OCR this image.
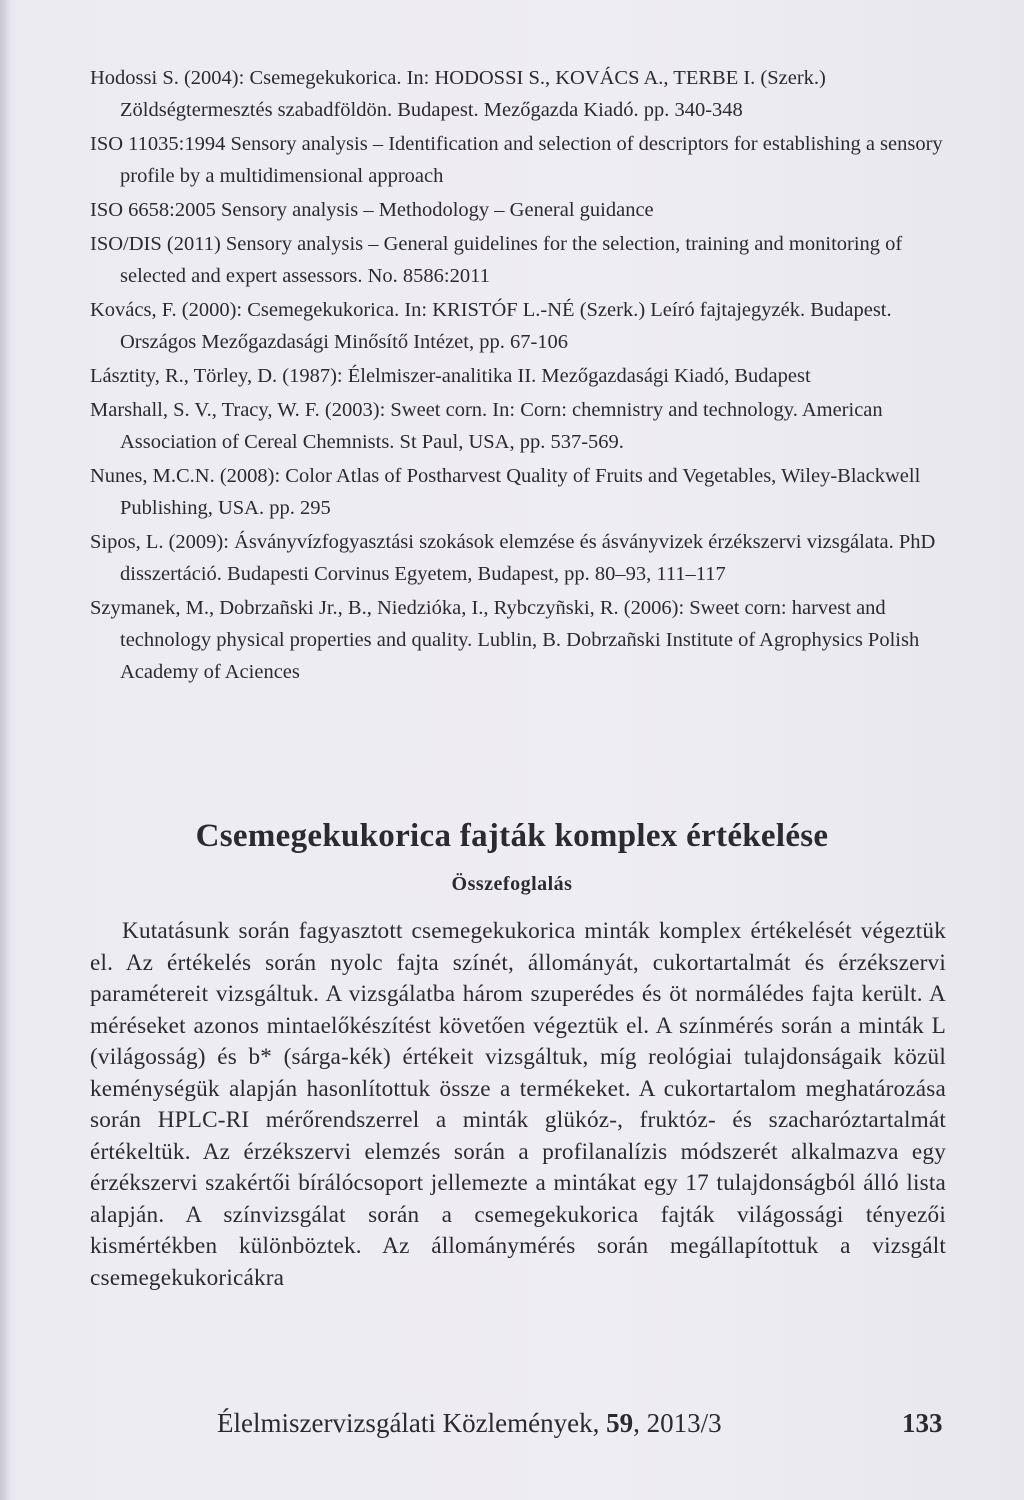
Hodossi S. (2004): Csemegekukorica. In: HODOSSI S., KOVÁCS A., TERBE I. (Szerk.) Zöldségtermesztés szabadföldön. Budapest. Mezőgazda Kiadó. pp. 340-348

ISO 11035:1994 Sensory analysis – Identification and selection of descriptors for establishing a sensory profile by a multidimensional approach

ISO 6658:2005 Sensory analysis – Methodology – General guidance

ISO/DIS (2011) Sensory analysis – General guidelines for the selection, training and monitoring of selected and expert assessors. No. 8586:2011

Kovács, F. (2000): Csemegekukorica. In: KRISTÓF L.-NÉ (Szerk.) Leíró fajtajegyzék. Budapest. Országos Mezőgazdasági Minősítő Intézet, pp. 67-106

Lásztity, R., Törley, D. (1987): Élelmiszer-analitika II. Mezőgazdasági Kiadó, Budapest

Marshall, S. V., Tracy, W. F. (2003): Sweet corn. In: Corn: chemnistry and technology. American Association of Cereal Chemnists. St Paul, USA, pp. 537-569.

Nunes, M.C.N. (2008): Color Atlas of Postharvest Quality of Fruits and Vegetables, Wiley-Blackwell Publishing, USA. pp. 295

Sipos, L. (2009): Ásványvízfogyasztási szokások elemzése és ásványvizek érzékszervi vizsgálata. PhD disszertáció. Budapesti Corvinus Egyetem, Budapest, pp. 80–93, 111–117

Szymanek, M., Dobrzañski Jr., B., Niedzióka, I., Rybczyñski, R. (2006): Sweet corn: harvest and technology physical properties and quality. Lublin, B. Dobrzañski Institute of Agrophysics Polish Academy of Aciences

Csemegekukorica fajták komplex értékelése
Összefoglalás

Kutatásunk során fagyasztott csemegekukorica minták komplex értékelését végeztük el. Az értékelés során nyolc fajta színét, állományát, cukortartalmát és érzékszervi paramétereit vizsgáltuk. A vizsgálatba három szuperédes és öt normálédes fajta került. A méréseket azonos mintaelőkészítést követően végeztük el. A színmérés során a minták L (világosság) és b* (sárga-kék) értékeit vizsgáltuk, míg reológiai tulajdonságaik közül keménységük alapján hasonlítottuk össze a termékeket. A cukortartalom meghatározása során HPLC-RI mérőrendszerrel a minták glükóz-, fruktóz- és szacharóztartalmát értékeltük. Az érzékszervi elemzés során a profilanalízis módszerét alkalmazva egy érzékszervi szakértői bírálócsoport jellemezte a mintákat egy 17 tulajdonságból álló lista alapján. A színvizsgálat során a csemegekukorica fajták világossági tényezői kismértékben különböztek. Az állománymérés során megállapítottuk a vizsgált csemegekukoricákra

Élelmiszervizsgálati Közlemények, 59, 2013/3	133
